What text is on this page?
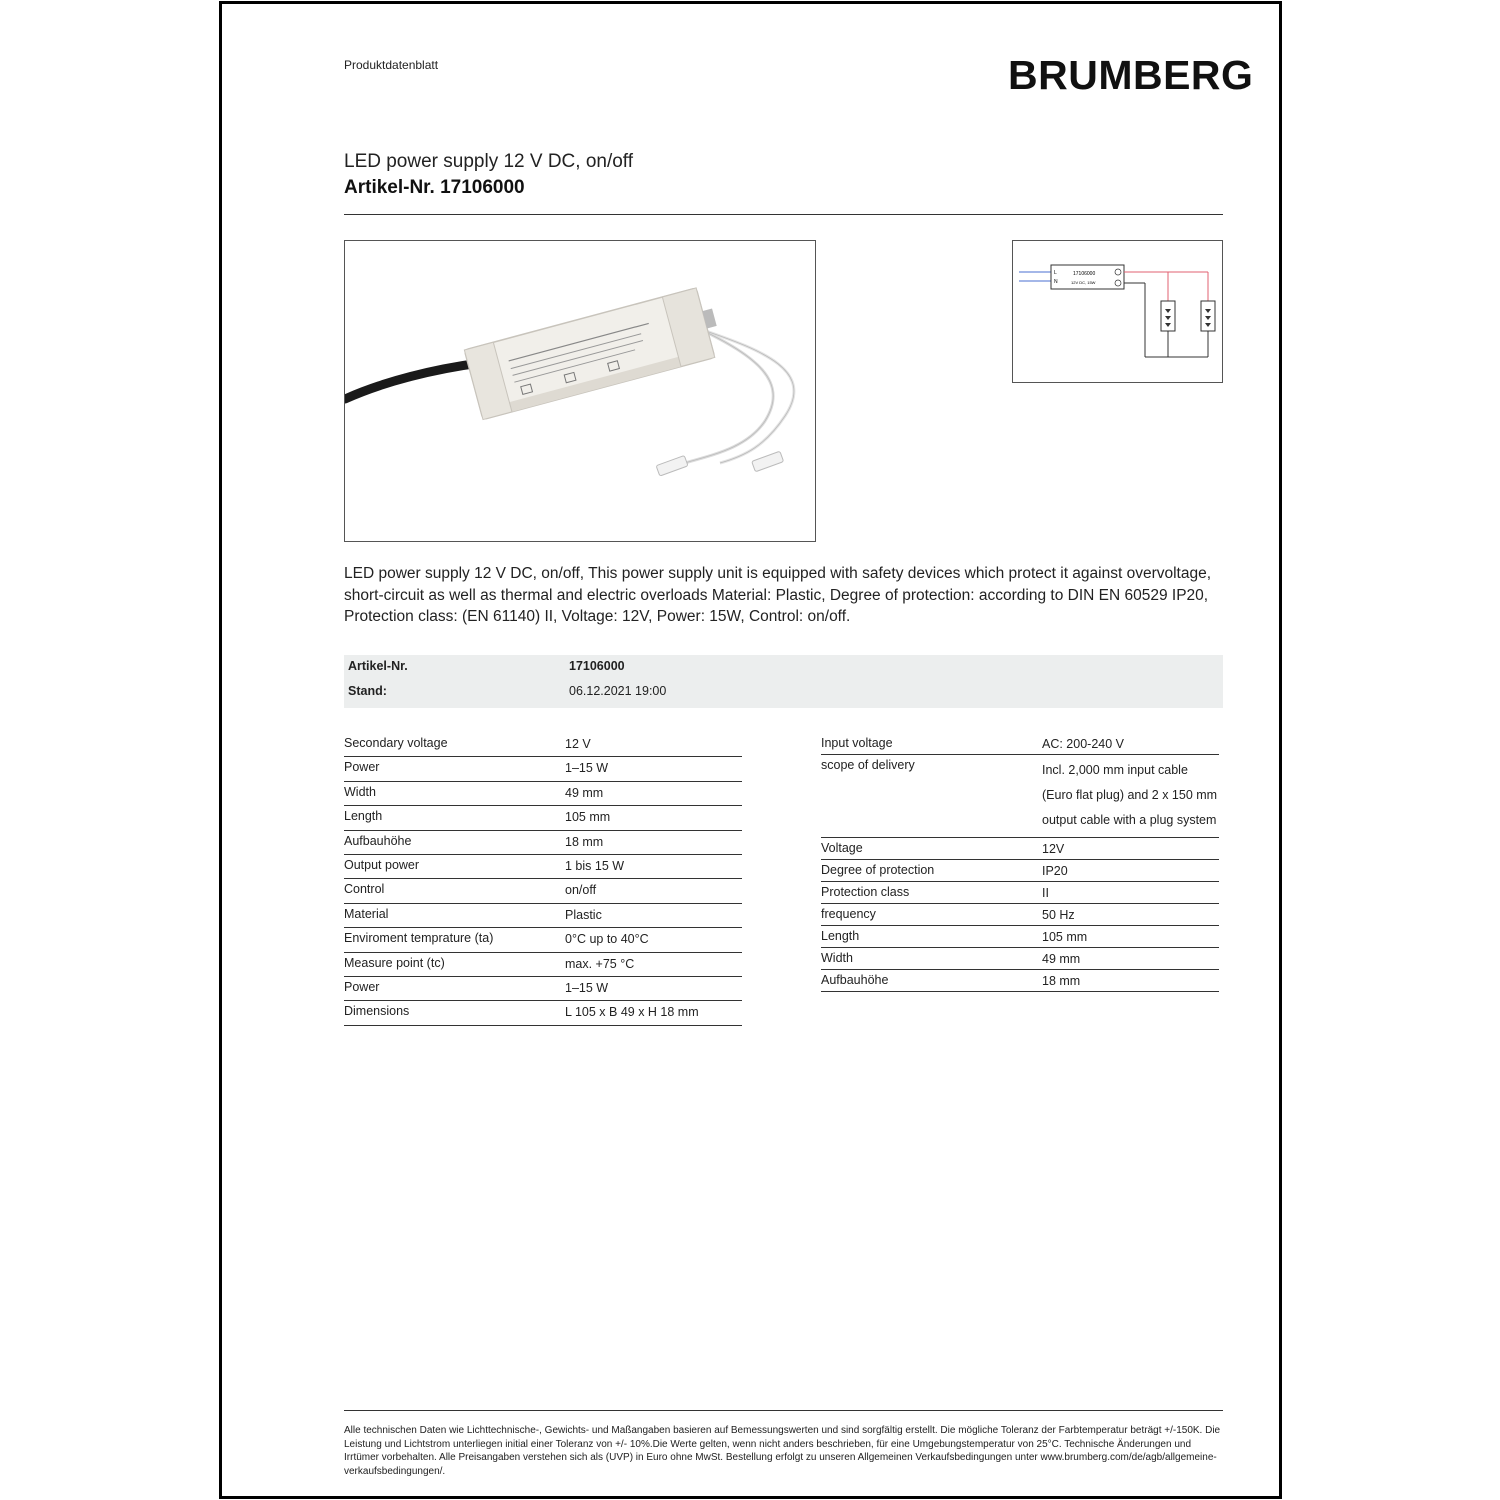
Produktdatenblatt	BRUMBERG
LED power supply 12 V DC, on/off
Artikel-Nr. 17106000
L
N
17106000
12V DC, 15W
LED power supply 12 V DC, on/off, This power supply unit is equipped with safety devices which protect it against overvoltage, short-circuit as well as thermal and electric overloads Material: Plastic, Degree of protection: according to DIN EN 60529 IP20, Protection class: (EN 61140) II, Voltage: 12V, Power: 15W, Control: on/off.
Artikel-Nr.	17106000
Stand:	06.12.2021 19:00
Secondary voltage	12 V
Power	1–15 W
Width	49 mm
Length	105 mm
Aufbauhöhe	18 mm
Output power	1 bis 15 W
Control	on/off
Material	Plastic
Enviroment temprature (ta)	0°C up to 40°C
Measure point (tc)	max. +75 °C
Power	1–15 W
Dimensions	L 105 x B 49 x H 18 mm
Input voltage	AC: 200-240 V
scope of delivery	Incl. 2,000 mm input cable
(Euro flat plug) and 2 x 150 mm
output cable with a plug system
Voltage	12V
Degree of protection	IP20
Protection class	II
frequency	50 Hz
Length	105 mm
Width	49 mm
Aufbauhöhe	18 mm
Alle technischen Daten wie Lichttechnische-, Gewichts- und Maßangaben basieren auf Bemessungswerten und sind sorgfältig erstellt. Die mögliche Toleranz der Farbtemperatur beträgt +/-150K. Die Leistung und Lichtstrom unterliegen initial einer Toleranz von +/- 10%.Die Werte gelten, wenn nicht anders beschrieben, für eine Umgebungstemperatur von 25°C. Technische Änderungen und Irrtümer vorbehalten. Alle Preisangaben verstehen sich als (UVP) in Euro ohne MwSt. Bestellung erfolgt zu unseren Allgemeinen Verkaufsbedingungen unter www.brumberg.com/de/agb/allgemeine-verkaufsbedingungen/.
